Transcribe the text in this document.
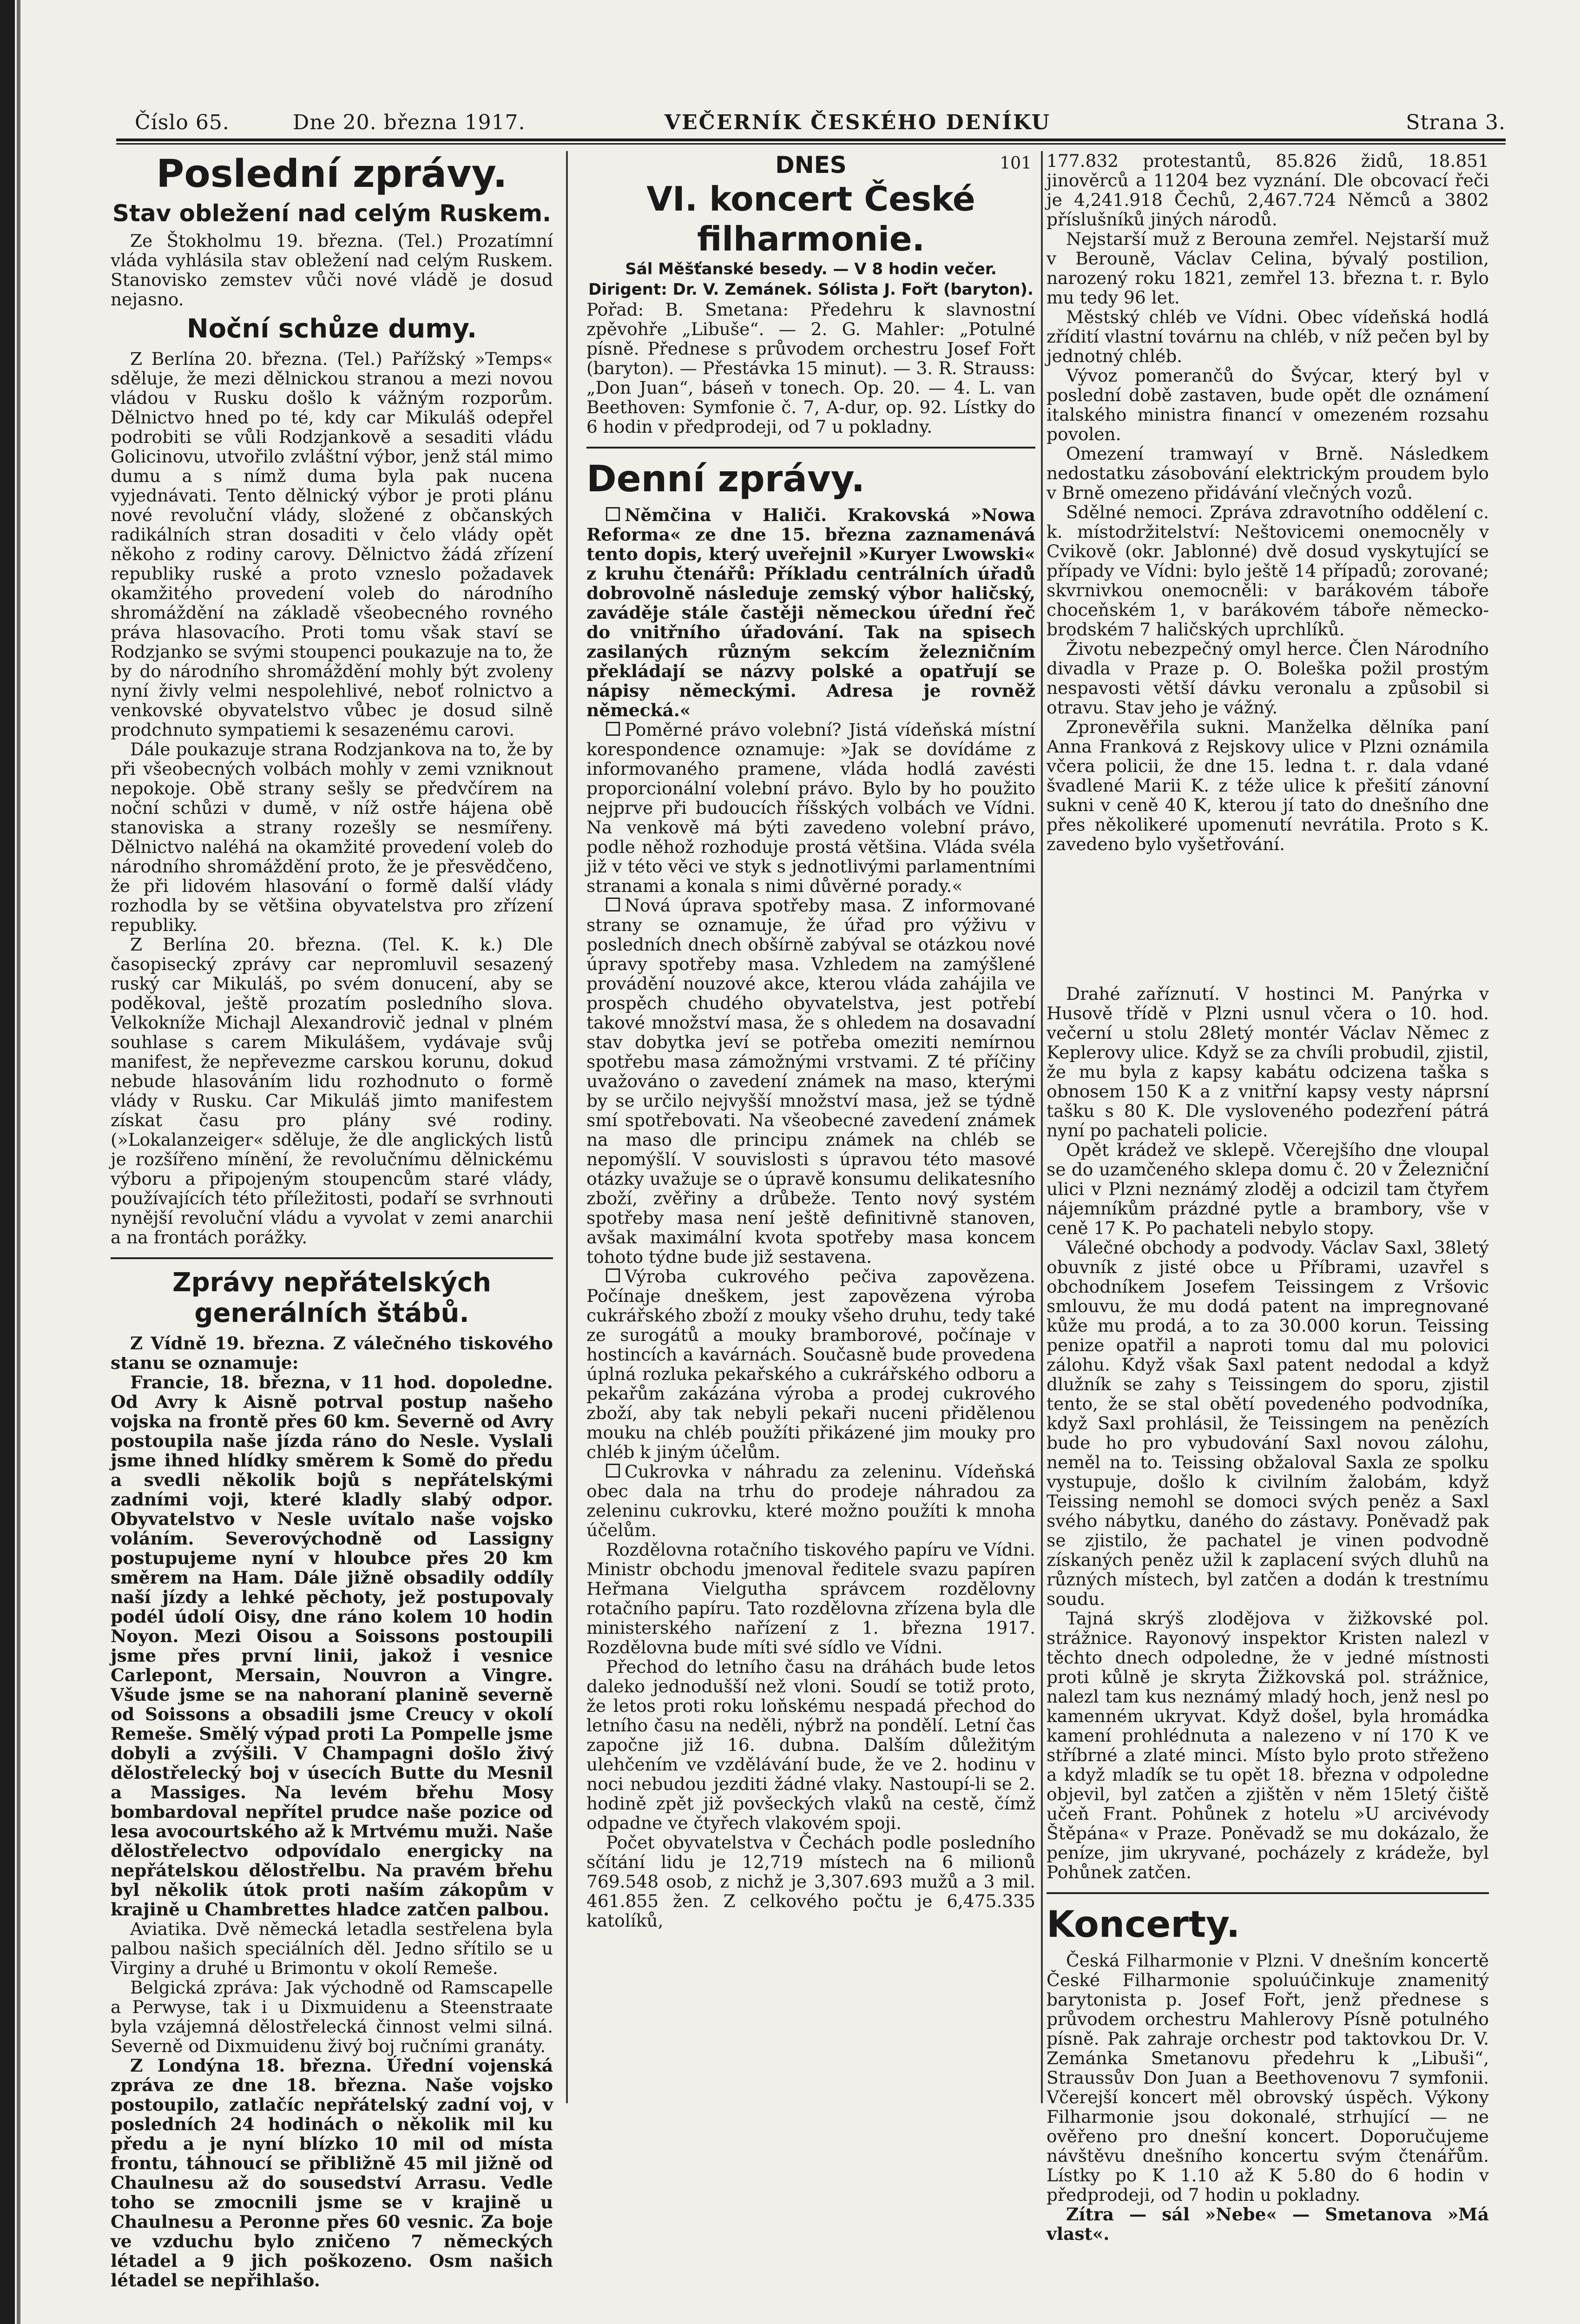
Číslo 65.	Dne 20. března 1917.	VEČERNÍK ČESKÉHO DENÍKU	Strana 3.
Poslední zprávy.
Stav obležení nad celým Ruskem.

Ze Štokholmu 19. března. (Tel.) Prozatímní vláda vyhlásila stav obležení nad celým Ruskem. Stanovisko zemstev vůči nové vládě je dosud nejasno.

Noční schůze dumy.

Z Berlína 20. března. (Tel.) Pařížský »Temps« sděluje, že mezi dělnickou stranou a mezi novou vládou v Rusku došlo k vážným rozporům. Dělnictvo hned po té, kdy car Mikuláš odepřel podrobiti se vůli Rodzjankově a sesaditi vládu Golicinovu, utvořilo zvláštní výbor, jenž stál mimo dumu a s nímž duma byla pak nucena vyjednávati. Tento dělnický výbor je proti plánu nové revoluční vlády, složené z občanských radikálních stran dosaditi v čelo vlády opět někoho z rodiny carovy. Dělnictvo žádá zřízení republiky ruské a proto vzneslo požadavek okamžitého provedení voleb do národního shromáždění na základě všeobecného rovného práva hlasovacího. Proti tomu však staví se Rodzjanko se svými stoupenci poukazuje na to, že by do národního shromáždění mohly být zvoleny nyní živly velmi nespolehlivé, neboť rolnictvo a venkovské obyvatelstvo vůbec je dosud silně prodchnuto sympatiemi k sesazenému carovi.

Dále poukazuje strana Rodzjankova na to, že by při všeobecných volbách mohly v zemi vzniknout nepokoje. Obě strany sešly se předvčírem na noční schůzi v dumě, v níž ostře hájena obě stanoviska a strany rozešly se nesmířeny. Dělnictvo naléhá na okamžité provedení voleb do národního shromáždění proto, že je přesvědčeno, že při lidovém hlasování o formě další vlády rozhodla by se většina obyvatelstva pro zřízení republiky.

Z Berlína 20. března. (Tel. K. k.) Dle časopisecký zprávy car nepromluvil sesazený ruský car Mikuláš, po svém donucení, aby se poděkoval, ještě prozatím posledního slova. Velkokníže Michajl Alexandrovič jednal v plném souhlase s carem Mikulášem, vydávaje svůj manifest, že nepřevezme carskou korunu, dokud nebude hlasováním lidu rozhodnuto o formě vlády v Rusku. Car Mikuláš jimto manifestem získat času pro plány své rodiny. (»Lokalanzeiger« sděluje, že dle anglických listů je rozšířeno mínění, že revolučnímu dělnickému výboru a připojeným stoupencům staré vlády, používajících této příležitosti, podaří se svrhnouti nynější revoluční vládu a vyvolat v zemi anarchii a na frontách porážky.

Zprávy nepřátelských generálních štábů.

Z Vídně 19. března. Z válečného tiskového stanu se oznamuje:

Francie, 18. března, v 11 hod. dopoledne. Od Avry k Aisně potrval postup našeho vojska na frontě přes 60 km. Severně od Avry postoupila naše jízda ráno do Nesle. Vyslali jsme ihned hlídky směrem k Somě do předu a svedli několik bojů s nepřátelskými zadními voji, které kladly slabý odpor. Obyvatelstvo v Nesle uvítalo naše vojsko voláním. Severovýchodně od Lassigny postupujeme nyní v hloubce přes 20 km směrem na Ham. Dále jižně obsadily oddíly naší jízdy a lehké pěchoty, jež postupovaly podél údolí Oisy, dne ráno kolem 10 hodin Noyon. Mezi Oisou a Soissons postoupili jsme přes první linii, jakož i vesnice Carlepont, Mersain, Nouvron a Vingre. Všude jsme se na nahoraní planině severně od Soissons a obsadili jsme Creucy v okolí Remeše. Smělý výpad proti La Pompelle jsme dobyli a zvýšili. V Champagni došlo živý dělostřelecký boj v úsecích Butte du Mesnil a Massiges. Na levém břehu Mosy bombardoval nepřítel prudce naše pozice od lesa avocourtského až k Mrtvému muži. Naše dělostřelectvo odpovídalo energicky na nepřátelskou dělostřelbu. Na pravém břehu byl několik útok proti naším zákopům v krajině u Chambrettes hladce zatčen palbou.

Aviatika. Dvě německá letadla sestřelena byla palbou našich speciálních děl. Jedno sřítilo se u Virginy a druhé u Brimontu v okolí Remeše.

Belgická zpráva: Jak východně od Ramscapelle a Perwyse, tak i u Dixmuidenu a Steenstraate byla vzájemná dělostřelecká činnost velmi silná. Severně od Dixmuidenu živý boj ručními granáty.

Z Londýna 18. března. Úřední vojenská zpráva ze dne 18. března. Naše vojsko postoupilo, zatlačíc nepřátelský zadní voj, v posledních 24 hodinách o několik mil ku předu a je nyní blízko 10 mil od místa frontu, táhnoucí se přibližně 45 mil jižně od Chaulnesu až do sousedství Arrasu. Vedle toho se zmocnili jsme se v krajině u Chaulnesu a Peronne přes 60 vesnic. Za boje ve vzduchu bylo zničeno 7 německých létadel a 9 jich poškozeno. Osm našich létadel se nepřihlašo.

101
DNES
VI. koncert České filharmonie.
Sál Měšťanské besedy. — V 8 hodin večer.
Dirigent: Dr. V. Zemánek. Sólista J. Fořt (baryton).

Pořad: B. Smetana: Předehru k slavnostní zpěvohře „Libuše“. — 2. G. Mahler: „Potulné písně. Přednese s průvodem orchestru Josef Fořt (baryton). — Přestávka 15 minut). — 3. R. Strauss: „Don Juan“, báseň v tonech. Op. 20. — 4. L. van Beethoven: Symfonie č. 7, A-dur, op. 92. Lístky do 6 hodin v předprodeji, od 7 u pokladny.

Denní zprávy.

Němčina v Haliči. Krakovská »Nowa Reforma« ze dne 15. března zaznamenává tento dopis, který uveřejnil »Kuryer Lwowski« z kruhu čtenářů: Příkladu centrálních úřadů dobrovolně následuje zemský výbor haličský, zaváděje stále častěji německou úřední řeč do vnitřního úřadování. Tak na spisech zasilaných různým sekcím železničním překládají se názvy polské a opatřují se nápisy německými. Adresa je rovněž německá.«

Poměrné právo volební? Jistá vídeňská místní korespondence oznamuje: »Jak se dovídáme z informovaného pramene, vláda hodlá zavésti proporcionální volební právo. Bylo by ho použito nejprve při budoucích říšských volbách ve Vídni. Na venkově má býti zavedeno volební právo, podle něhož rozhoduje prostá většina. Vláda svéla již v této věci ve styk s jednotlivými parlamentními stranami a konala s nimi důvěrné porady.«

Nová úprava spotřeby masa. Z informované strany se oznamuje, že úřad pro výživu v posledních dnech obšírně zabýval se otázkou nové úpravy spotřeby masa. Vzhledem na zamýšlené provádění nouzové akce, kterou vláda zahájila ve prospěch chudého obyvatelstva, jest potřebí takové množství masa, že s ohledem na dosavadní stav dobytka jeví se potřeba omeziti nemírnou spotřebu masa zámožnými vrstvami. Z té příčiny uvažováno o zavedení známek na maso, kterými by se určilo nejvyšší množství masa, jež se týdně smí spotřebovati. Na všeobecné zavedení známek na maso dle principu známek na chléb se nepomýšlí. V souvislosti s úpravou této masové otázky uvažuje se o úpravě konsumu delikatesního zboží, zvěřiny a drůbeže. Tento nový systém spotřeby masa není ještě definitivně stanoven, avšak maximální kvota spotřeby masa koncem tohoto týdne bude již sestavena.

Výroba cukrového pečiva zapovězena. Počínaje dneškem, jest zapovězena výroba cukrářského zboží z mouky všeho druhu, tedy také ze surogátů a mouky bramborové, počínaje v hostincích a kavárnách. Současně bude provedena úplná rozluka pekařského a cukrářského odboru a pekařům zakázána výroba a prodej cukrového zboží, aby tak nebyli pekaři nuceni přidělenou mouku na chléb použíti přikázené jim mouky pro chléb k jiným účelům.

Cukrovka v náhradu za zeleninu. Vídeňská obec dala na trhu do prodeje náhradou za zeleninu cukrovku, které možno použíti k mnoha účelům.

Rozdělovna rotačního tiskového papíru ve Vídni. Ministr obchodu jmenoval ředitele svazu papíren Heřmana Vielgutha správcem rozdělovny rotačního papíru. Tato rozdělovna zřízena byla dle ministerského nařízení z 1. března 1917. Rozdělovna bude míti své sídlo ve Vídni.

Přechod do letního času na dráhách bude letos daleko jednodušší než vloni. Soudí se totiž proto, že letos proti roku loňskému nespadá přechod do letního času na neděli, nýbrž na pondělí. Letní čas započne již 16. dubna. Dalším důležitým ulehčením ve vzdělávání bude, že ve 2. hodinu v noci nebudou jezditi žádné vlaky. Nastoupí-li se 2. hodině zpět již povšeckých vlaků na cestě, čímž odpadne ve čtyřech vlakovém spoji.

Počet obyvatelstva v Čechách podle posledního sčítání lidu je 12,719 místech na 6 milionů 769.548 osob, z nichž je 3,307.693 mužů a 3 mil. 461.855 žen. Z celkového počtu je 6,475.335 katolíků,

177.832 protestantů, 85.826 židů, 18.851 jinověrců a 11204 bez vyznání. Dle obcovací řeči je 4,241.918 Čechů, 2,467.724 Němců a 3802 příslušníků jiných národů.

Nejstarší muž z Berouna zemřel. Nejstarší muž v Berouně, Václav Celina, bývalý postilion, narozený roku 1821, zemřel 13. března t. r. Bylo mu tedy 96 let.

Městský chléb ve Vídni. Obec vídeňská hodlá zřídití vlastní továrnu na chléb, v níž pečen byl by jednotný chléb.

Vývoz pomerančů do Švýcar, který byl v poslední době zastaven, bude opět dle oznámení italského ministra financí v omezeném rozsahu povolen.

Omezení tramwayí v Brně. Následkem nedostatku zásobování elektrickým proudem bylo v Brně omezeno přidávání vlečných vozů.

Sdělné nemoci. Zpráva zdravotního oddělení c. k. místodržitelství: Neštovicemi onemocněly v Cvikově (okr. Jablonné) dvě dosud vyskytující se případy ve Vídni: bylo ještě 14 případů; zorované; skvrnivkou onemocněli: v barákovém táboře choceňském 1, v barákovém táboře německo-brodském 7 haličských uprchlíků.

Životu nebezpečný omyl herce. Člen Národního divadla v Praze p. O. Boleška požil prostým nespavosti větší dávku veronalu a způsobil si otravu. Stav jeho je vážný.

Zpronevěřila sukni. Manželka dělníka paní Anna Franková z Rejskovy ulice v Plzni oznámila včera policii, že dne 15. ledna t. r. dala vdané švadlené Marii K. z téže ulice k přešití zánovní sukni v ceně 40 K, kterou jí tato do dnešního dne přes několikeré upomenutí nevrátila. Proto s K. zavedeno bylo vyšetřování.

Drahé zaříznutí. V hostinci M. Panýrka v Husově třídě v Plzni usnul včera o 10. hod. večerní u stolu 28letý montér Václav Němec z Keplerovy ulice. Když se za chvíli probudil, zjistil, že mu byla z kapsy kabátu odcizena taška s obnosem 150 K a z vnitřní kapsy vesty náprsní tašku s 80 K. Dle vysloveného podezření pátrá nyní po pachateli policie.

Opět krádež ve sklepě. Včerejšího dne vloupal se do uzamčeného sklepa domu č. 20 v Železniční ulici v Plzni neznámý zloděj a odcizil tam čtyřem nájemníkům prázdné pytle a brambory, vše v ceně 17 K. Po pachateli nebylo stopy.

Válečné obchody a podvody. Václav Saxl, 38letý obuvník z jisté obce u Příbrami, uzavřel s obchodníkem Josefem Teissingem z Vršovic smlouvu, že mu dodá patent na impregnované kůže mu prodá, a to za 30.000 korun. Teissing penize opatřil a naproti tomu dal mu polovici zálohu. Když však Saxl patent nedodal a když dlužník se zahy s Teissingem do sporu, zjistil tento, že se stal obětí povedeného podvodníka, když Saxl prohlásil, že Teissingem na penězích bude ho pro vybudování Saxl novou zálohu, neměl na to. Teissing obžaloval Saxla ze spolku vystupuje, došlo k civilním žalobám, když Teissing nemohl se domoci svých peněz a Saxl svého nábytku, daného do zástavy. Poněvadž pak se zjistilo, že pachatel je vinen podvodně získaných peněz užil k zaplacení svých dluhů na různých místech, byl zatčen a dodán k trestnímu soudu.

Tajná skrýš zlodějova v žižkovské pol. strážnice. Rayonový inspektor Kristen nalezl v těchto dnech odpoledne, že v jedné místnosti proti kůlně je skryta Žižkovská pol. strážnice, nalezl tam kus neznámý mladý hoch, jenž nesl po kamenném ukryvat. Když došel, byla hromádka kamení prohlédnuta a nalezeno v ní 170 K ve stříbrné a zlaté minci. Místo bylo proto střeženo a když mladík se tu opět 18. března v odpoledne objevil, byl zatčen a zjištěn v něm 15letý čiště učeň Frant. Pohůnek z hotelu »U arcivévody Štěpána« v Praze. Poněvadž se mu dokázalo, že peníze, jim ukryvané, pocházely z krádeže, byl Pohůnek zatčen.

Koncerty.

Česká Filharmonie v Plzni. V dnešním koncertě České Filharmonie spoluúčinkuje znamenitý barytonista p. Josef Fořt, jenž přednese s průvodem orchestru Mahlerovy Písně potulného písně. Pak zahraje orchestr pod taktovkou Dr. V. Zemánka Smetanovu předehru k „Libuši“, Straussův Don Juan a Beethovenovu 7 symfonii. Včerejší koncert měl obrovský úspěch. Výkony Filharmonie jsou dokonalé, strhující — ne ověřeno pro dnešní koncert. Doporučujeme návštěvu dnešního koncertu svým čtenářům. Lístky po K 1.10 až K 5.80 do 6 hodin v předprodeji, od 7 hodin u pokladny.

Zítra — sál »Nebe« — Smetanova »Má vlast«.
